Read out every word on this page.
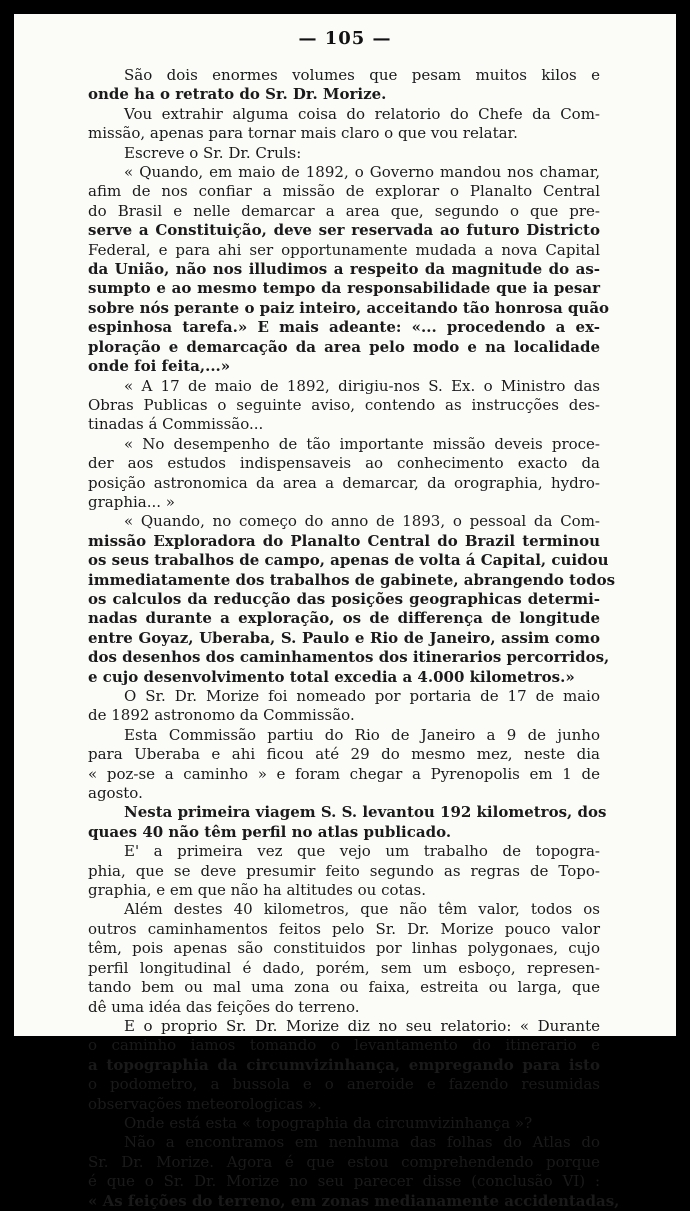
— 105 —
São dois enormes volumes que pesam muitos kilos e
onde ha o retrato do Sr. Dr. Morize.
Vou extrahir alguma coisa do relatorio do Chefe da Com-
missão, apenas para tornar mais claro o que vou relatar.
Escreve o Sr. Dr. Cruls:
« Quando, em maio de 1892, o Governo mandou nos chamar,
afim de nos confiar a missão de explorar o Planalto Central
do Brasil e nelle demarcar a area que, segundo o que pre-
serve a Constituição, deve ser reservada ao futuro Districto
Federal, e para ahi ser opportunamente mudada a nova Capital
da União, não nos illudimos a respeito da magnitude do as-
sumpto e ao mesmo tempo da responsabilidade que ia pesar
sobre nós perante o paiz inteiro, acceitando tão honrosa quão
espinhosa tarefa.» E mais adeante: «... procedendo a ex-
ploração e demarcação da area pelo modo e na localidade
onde foi feita,...»
« A 17 de maio de 1892, dirigiu-nos S. Ex. o Ministro das
Obras Publicas o seguinte aviso, contendo as instrucções des-
tinadas á Commissão...
« No desempenho de tão importante missão deveis proce-
der aos estudos indispensaveis ao conhecimento exacto da
posição astronomica da area a demarcar, da orographia, hydro-
graphia... »
« Quando, no começo do anno de 1893, o pessoal da Com-
missão Exploradora do Planalto Central do Brazil terminou
os seus trabalhos de campo, apenas de volta á Capital, cuidou
immediatamente dos trabalhos de gabinete, abrangendo todos
os calculos da reducção das posições geographicas determi-
nadas durante a exploração, os de differença de longitude
entre Goyaz, Uberaba, S. Paulo e Rio de Janeiro, assim como
dos desenhos dos caminhamentos dos itinerarios percorridos,
e cujo desenvolvimento total excedia a 4.000 kilometros.»
O Sr. Dr. Morize foi nomeado por portaria de 17 de maio
de 1892 astronomo da Commissão.
Esta Commissão partiu do Rio de Janeiro a 9 de junho
para Uberaba e ahi ficou até 29 do mesmo mez, neste dia
« poz-se a caminho » e foram chegar a Pyrenopolis em 1 de
agosto.
Nesta primeira viagem S. S. levantou 192 kilometros, dos
quaes 40 não têm perfil no atlas publicado.
E' a primeira vez que vejo um trabalho de topogra-
phia, que se deve presumir feito segundo as regras de Topo-
graphia, e em que não ha altitudes ou cotas.
Além destes 40 kilometros, que não têm valor, todos os
outros caminhamentos feitos pelo Sr. Dr. Morize pouco valor
têm, pois apenas são constituidos por linhas polygonaes, cujo
perfil longitudinal é dado, porém, sem um esboço, represen-
tando bem ou mal uma zona ou faixa, estreita ou larga, que
dê uma idéa das feições do terreno.
E o proprio Sr. Dr. Morize diz no seu relatorio: « Durante
o caminho iamos tomando o levantamento do itinerario e
a topographia da circumvizinhança, empregando para isto
o podometro, a bussola e o aneroide e fazendo resumidas
observações meteorologicas ».
Onde está esta « topographia da circumvizinhança »?
Não a encontramos em nenhuma das folhas do Atlas do
Sr. Dr. Morize. Agora é que estou comprehendendo porque
é que o Sr. Dr. Morize no seu parecer disse (conclusão VI) :
« As feições do terreno, em zonas medianamente accidentadas,
